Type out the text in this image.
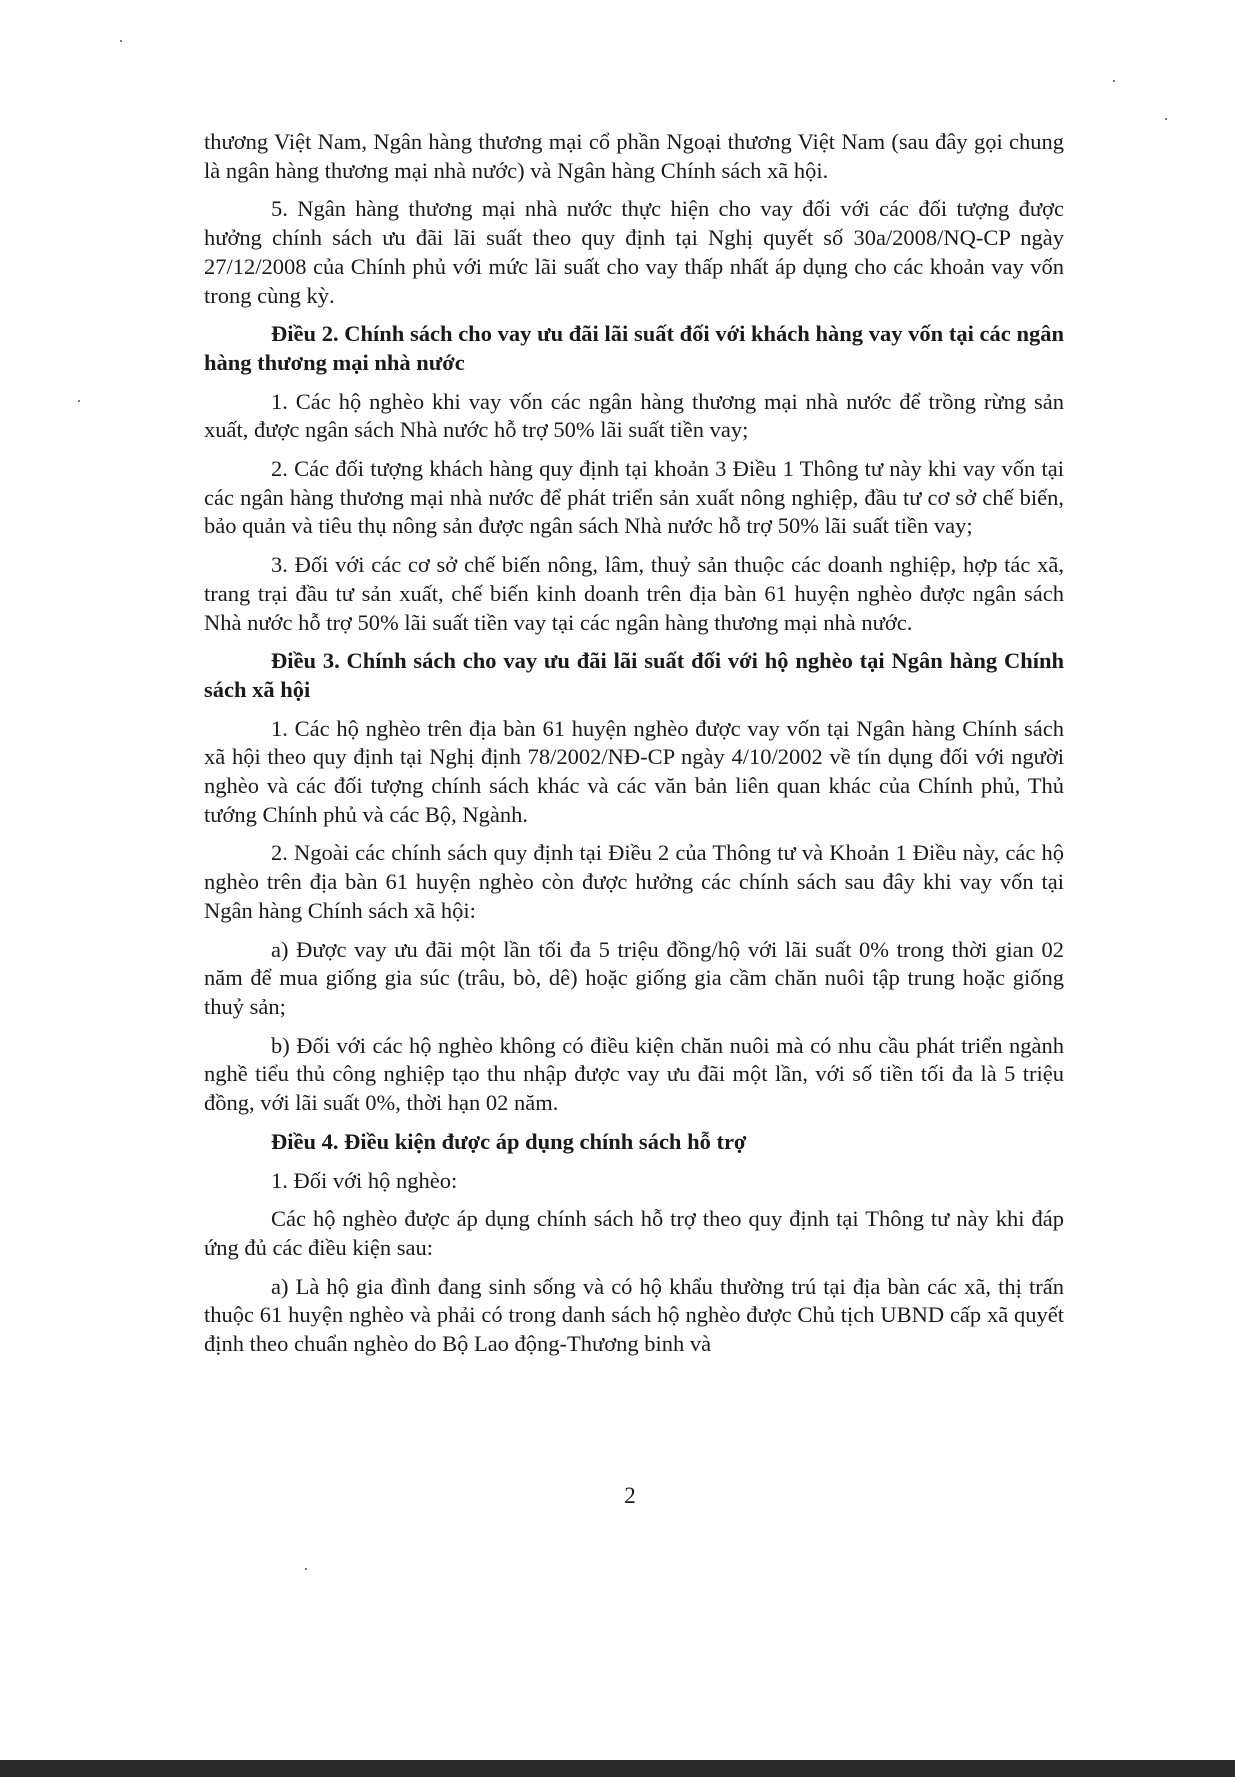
thương Việt Nam, Ngân hàng thương mại cổ phần Ngoại thương Việt Nam (sau đây gọi chung là ngân hàng thương mại nhà nước) và Ngân hàng Chính sách xã hội.

5. Ngân hàng thương mại nhà nước thực hiện cho vay đối với các đối tượng được hưởng chính sách ưu đãi lãi suất theo quy định tại Nghị quyết số 30a/2008/NQ-CP ngày 27/12/2008 của Chính phủ với mức lãi suất cho vay thấp nhất áp dụng cho các khoản vay vốn trong cùng kỳ.

Điều 2. Chính sách cho vay ưu đãi lãi suất đối với khách hàng vay vốn tại các ngân hàng thương mại nhà nước

1. Các hộ nghèo khi vay vốn các ngân hàng thương mại nhà nước để trồng rừng sản xuất, được ngân sách Nhà nước hỗ trợ 50% lãi suất tiền vay;

2. Các đối tượng khách hàng quy định tại khoản 3 Điều 1 Thông tư này khi vay vốn tại các ngân hàng thương mại nhà nước để phát triển sản xuất nông nghiệp, đầu tư cơ sở chế biến, bảo quản và tiêu thụ nông sản được ngân sách Nhà nước hỗ trợ 50% lãi suất tiền vay;

3. Đối với các cơ sở chế biến nông, lâm, thuỷ sản thuộc các doanh nghiệp, hợp tác xã, trang trại đầu tư sản xuất, chế biến kinh doanh trên địa bàn 61 huyện nghèo được ngân sách Nhà nước hỗ trợ 50% lãi suất tiền vay tại các ngân hàng thương mại nhà nước.

Điều 3. Chính sách cho vay ưu đãi lãi suất đối với hộ nghèo tại Ngân hàng Chính sách xã hội

1. Các hộ nghèo trên địa bàn 61 huyện nghèo được vay vốn tại Ngân hàng Chính sách xã hội theo quy định tại Nghị định 78/2002/NĐ-CP ngày 4/10/2002 về tín dụng đối với người nghèo và các đối tượng chính sách khác và các văn bản liên quan khác của Chính phủ, Thủ tướng Chính phủ và các Bộ, Ngành.

2. Ngoài các chính sách quy định tại Điều 2 của Thông tư và Khoản 1 Điều này, các hộ nghèo trên địa bàn 61 huyện nghèo còn được hưởng các chính sách sau đây khi vay vốn tại Ngân hàng Chính sách xã hội:

a) Được vay ưu đãi một lần tối đa 5 triệu đồng/hộ với lãi suất 0% trong thời gian 02 năm để mua giống gia súc (trâu, bò, dê) hoặc giống gia cầm chăn nuôi tập trung hoặc giống thuỷ sản;

b) Đối với các hộ nghèo không có điều kiện chăn nuôi mà có nhu cầu phát triển ngành nghề tiểu thủ công nghiệp tạo thu nhập được vay ưu đãi một lần, với số tiền tối đa là 5 triệu đồng, với lãi suất 0%, thời hạn 02 năm.

Điều 4. Điều kiện được áp dụng chính sách hỗ trợ

1. Đối với hộ nghèo:

Các hộ nghèo được áp dụng chính sách hỗ trợ theo quy định tại Thông tư này khi đáp ứng đủ các điều kiện sau:

a) Là hộ gia đình đang sinh sống và có hộ khẩu thường trú tại địa bàn các xã, thị trấn thuộc 61 huyện nghèo và phải có trong danh sách hộ nghèo được Chủ tịch UBND cấp xã quyết định theo chuẩn nghèo do Bộ Lao động-Thương binh và

2
